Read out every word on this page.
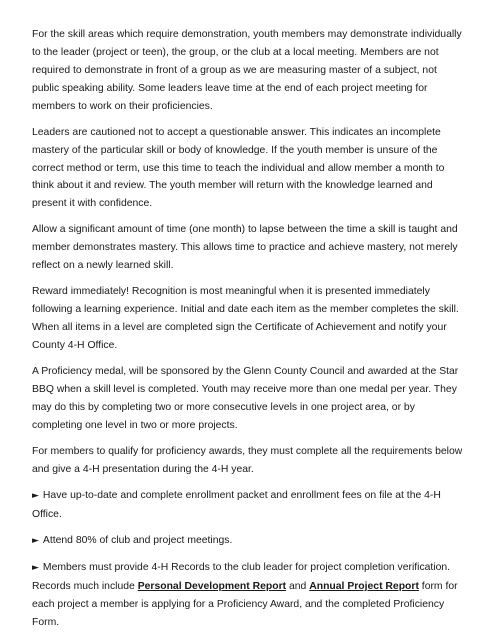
For the skill areas which require demonstration, youth members may demonstrate individually to the leader (project or teen), the group, or the club at a local meeting. Members are not required to demonstrate in front of a group as we are measuring master of a subject, not public speaking ability. Some leaders leave time at the end of each project meeting for members to work on their proficiencies.

Leaders are cautioned not to accept a questionable answer. This indicates an incomplete mastery of the particular skill or body of knowledge. If the youth member is unsure of the correct method or term, use this time to teach the individual and allow member a month to think about it and review. The youth member will return with the knowledge learned and present it with confidence.

Allow a significant amount of time (one month) to lapse between the time a skill is taught and member demonstrates mastery. This allows time to practice and achieve mastery, not merely reflect on a newly learned skill.

Reward immediately! Recognition is most meaningful when it is presented immediately following a learning experience. Initial and date each item as the member completes the skill. When all items in a level are completed sign the Certificate of Achievement and notify your County 4-H Office.

A Proficiency medal, will be sponsored by the Glenn County Council and awarded at the Star BBQ when a skill level is completed. Youth may receive more than one medal per year. They may do this by completing two or more consecutive levels in one project area, or by completing one level in two or more projects.

For members to qualify for proficiency awards, they must complete all the requirements below and give a 4-H presentation during the 4-H year.

► Have up-to-date and complete enrollment packet and enrollment fees on file at the 4-H Office.

► Attend 80% of club and project meetings.

► Members must provide 4-H Records to the club leader for project completion verification. Records much include Personal Development Report and Annual Project Report form for each project a member is applying for a Proficiency Award, and the completed Proficiency Form.
